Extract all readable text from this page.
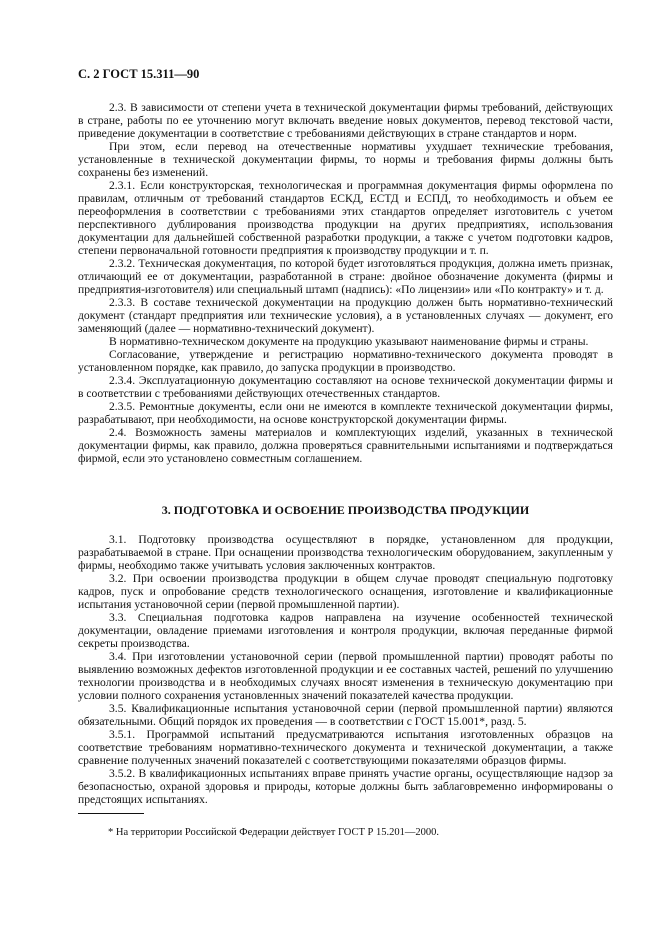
С. 2 ГОСТ 15.311—90

2.3. В зависимости от степени учета в технической документации фирмы требований, действующих в стране, работы по ее уточнению могут включать введение новых документов, перевод текстовой части, приведение документации в соответствие с требованиями действующих в стране стандартов и норм.

При этом, если перевод на отечественные нормативы ухудшает технические требования, установленные в технической документации фирмы, то нормы и требования фирмы должны быть сохранены без изменений.

2.3.1. Если конструкторская, технологическая и программная документация фирмы оформлена по правилам, отличным от требований стандартов ЕСКД, ЕСТД и ЕСПД, то необходимость и объем ее переоформления в соответствии с требованиями этих стандартов определяет изготовитель с учетом перспективного дублирования производства продукции на других предприятиях, использования документации для дальнейшей собственной разработки продукции, а также с учетом подготовки кадров, степени первоначальной готовности предприятия к производству продукции и т. п.

2.3.2. Техническая документация, по которой будет изготовляться продукция, должна иметь признак, отличающий ее от документации, разработанной в стране: двойное обозначение документа (фирмы и предприятия-изготовителя) или специальный штамп (надпись): «По лицензии» или «По контракту» и т. д.

2.3.3. В составе технической документации на продукцию должен быть нормативно-технический документ (стандарт предприятия или технические условия), а в установленных случаях — документ, его заменяющий (далее — нормативно-технический документ).

В нормативно-техническом документе на продукцию указывают наименование фирмы и страны.

Согласование, утверждение и регистрацию нормативно-технического документа проводят в установленном порядке, как правило, до запуска продукции в производство.

2.3.4. Эксплуатационную документацию составляют на основе технической документации фирмы и в соответствии с требованиями действующих отечественных стандартов.

2.3.5. Ремонтные документы, если они не имеются в комплекте технической документации фирмы, разрабатывают, при необходимости, на основе конструкторской документации фирмы.

2.4. Возможность замены материалов и комплектующих изделий, указанных в технической документации фирмы, как правило, должна проверяться сравнительными испытаниями и подтверждаться фирмой, если это установлено совместным соглашением.

3. ПОДГОТОВКА И ОСВОЕНИЕ ПРОИЗВОДСТВА ПРОДУКЦИИ

3.1. Подготовку производства осуществляют в порядке, установленном для продукции, разрабатываемой в стране. При оснащении производства технологическим оборудованием, закупленным у фирмы, необходимо также учитывать условия заключенных контрактов.

3.2. При освоении производства продукции в общем случае проводят специальную подготовку кадров, пуск и опробование средств технологического оснащения, изготовление и квалификационные испытания установочной серии (первой промышленной партии).

3.3. Специальная подготовка кадров направлена на изучение особенностей технической документации, овладение приемами изготовления и контроля продукции, включая переданные фирмой секреты производства.

3.4. При изготовлении установочной серии (первой промышленной партии) проводят работы по выявлению возможных дефектов изготовленной продукции и ее составных частей, решений по улучшению технологии производства и в необходимых случаях вносят изменения в техническую документацию при условии полного сохранения установленных значений показателей качества продукции.

3.5. Квалификационные испытания установочной серии (первой промышленной партии) являются обязательными. Общий порядок их проведения — в соответствии с ГОСТ 15.001*, разд. 5.

3.5.1. Программой испытаний предусматриваются испытания изготовленных образцов на соответствие требованиям нормативно-технического документа и технической документации, а также сравнение полученных значений показателей с соответствующими показателями образцов фирмы.

3.5.2. В квалификационных испытаниях вправе принять участие органы, осуществляющие надзор за безопасностью, охраной здоровья и природы, которые должны быть заблаговременно информированы о предстоящих испытаниях.

* На территории Российской Федерации действует ГОСТ Р 15.201—2000.
